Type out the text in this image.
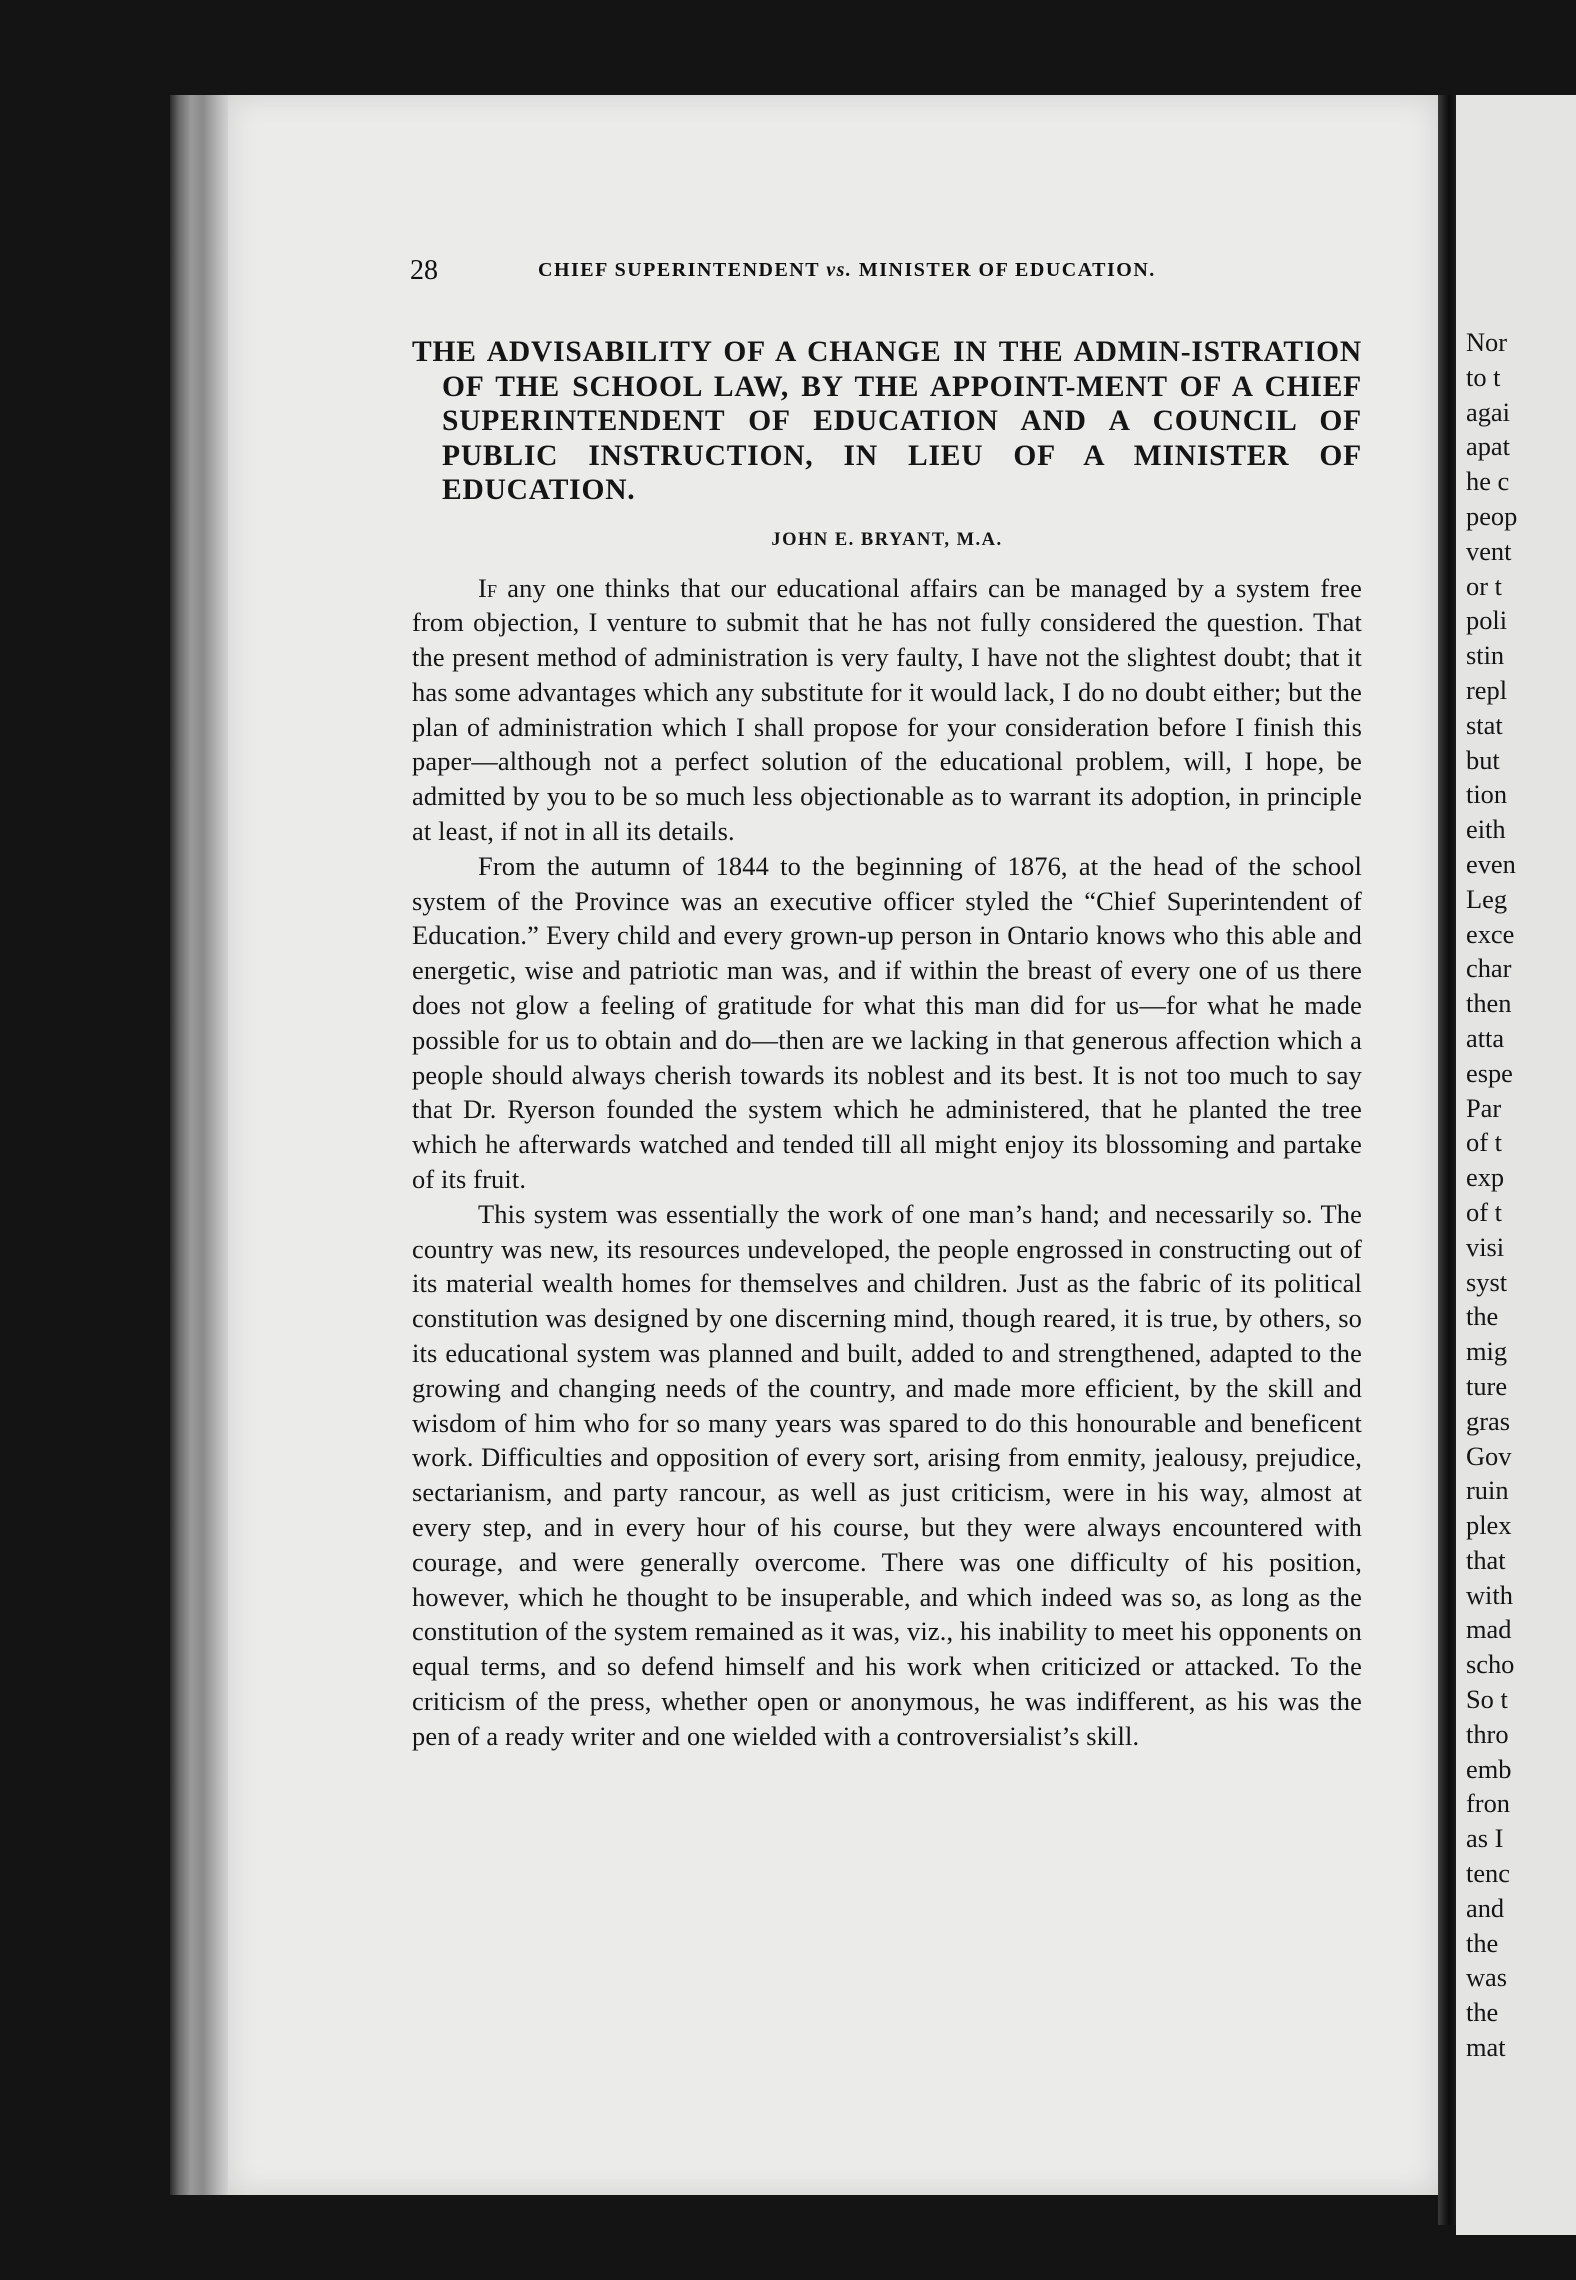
28	CHIEF SUPERINTENDENT vs. MINISTER OF EDUCATION.
THE ADVISABILITY OF A CHANGE IN THE ADMIN-ISTRATION OF THE SCHOOL LAW, BY THE APPOINT-MENT OF A CHIEF SUPERINTENDENT OF EDUCATION AND A COUNCIL OF PUBLIC INSTRUCTION, IN LIEU OF A MINISTER OF EDUCATION.
JOHN E. BRYANT, M.A.

If any one thinks that our educational affairs can be managed by a system free from objection, I venture to submit that he has not fully considered the question. That the present method of administration is very faulty, I have not the slightest doubt; that it has some advantages which any substitute for it would lack, I do no doubt either; but the plan of administration which I shall propose for your consideration before I finish this paper—although not a perfect solution of the educational problem, will, I hope, be admitted by you to be so much less objectionable as to warrant its adoption, in principle at least, if not in all its details.

From the autumn of 1844 to the beginning of 1876, at the head of the school system of the Province was an executive officer styled the “Chief Superintendent of Education.” Every child and every grown-up person in Ontario knows who this able and energetic, wise and patriotic man was, and if within the breast of every one of us there does not glow a feeling of gratitude for what this man did for us—for what he made possible for us to obtain and do—then are we lacking in that generous affection which a people should always cherish towards its noblest and its best. It is not too much to say that Dr. Ryerson founded the system which he administered, that he planted the tree which he afterwards watched and tended till all might enjoy its blossoming and partake of its fruit.

This system was essentially the work of one man’s hand; and necessarily so. The country was new, its resources undeveloped, the people engrossed in constructing out of its material wealth homes for themselves and children. Just as the fabric of its political constitution was designed by one discerning mind, though reared, it is true, by others, so its educational system was planned and built, added to and strengthened, adapted to the growing and changing needs of the country, and made more efficient, by the skill and wisdom of him who for so many years was spared to do this honourable and beneficent work. Difficulties and opposition of every sort, arising from enmity, jealousy, prejudice, sectarianism, and party rancour, as well as just criticism, were in his way, almost at every step, and in every hour of his course, but they were always encountered with courage, and were generally overcome. There was one difficulty of his position, however, which he thought to be insuperable, and which indeed was so, as long as the constitution of the system remained as it was, viz., his inability to meet his opponents on equal terms, and so defend himself and his work when criticized or attacked. To the criticism of the press, whether open or anonymous, he was indifferent, as his was the pen of a ready writer and one wielded with a controversialist’s skill.

Nor
to t
agai
apat
he c
peop
vent
or t
poli
stin
repl
stat
but
tion
eith
even
Leg
exce
char
then
atta
espe
Par
of t
exp
of t
visi
syst
the
mig
ture
gras
Gov
ruin
plex
that
with
mad
scho
So t
thro
emb
fron
as I
tenc
and
the
was
the
mat
